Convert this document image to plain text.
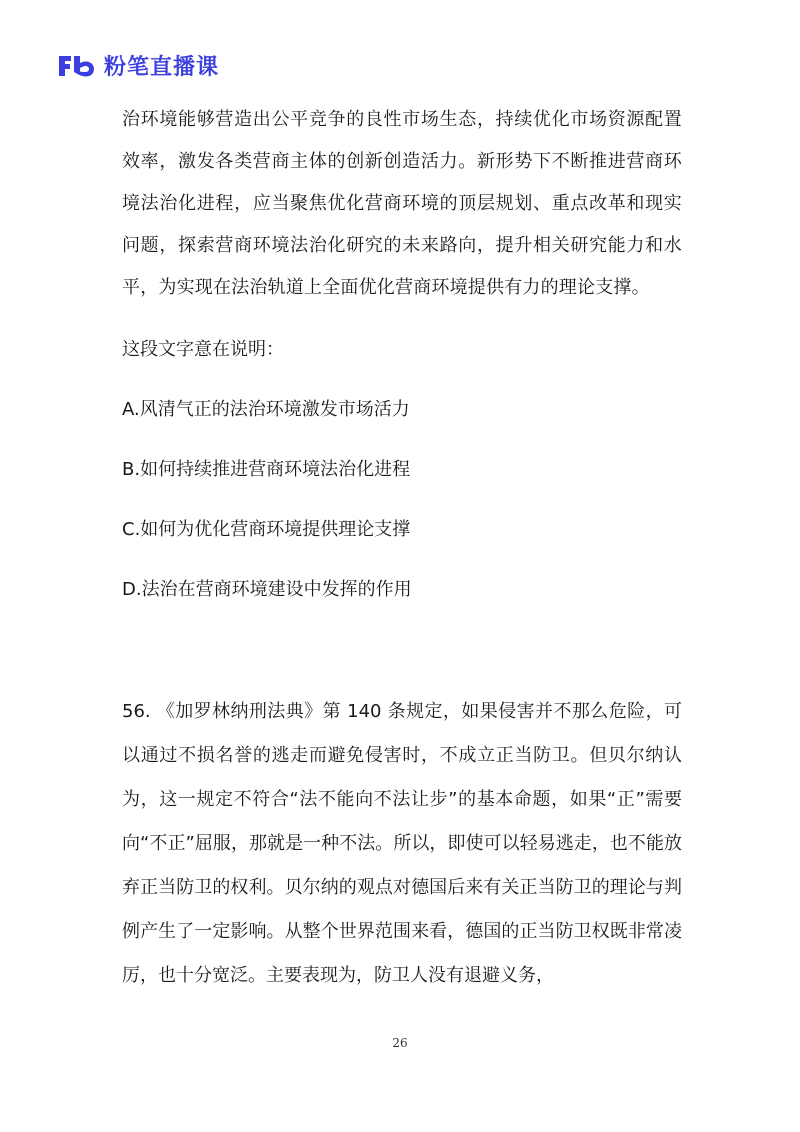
粉笔直播课

治环境能够营造出公平竞争的良性市场生态，持续优化市场资源配置效率，激发各类营商主体的创新创造活力。新形势下不断推进营商环境法治化进程，应当聚焦优化营商环境的顶层规划、重点改革和现实问题，探索营商环境法治化研究的未来路向，提升相关研究能力和水平，为实现在法治轨道上全面优化营商环境提供有力的理论支撑。

这段文字意在说明：
A.风清气正的法治环境激发市场活力
B.如何持续推进营商环境法治化进程
C.如何为优化营商环境提供理论支撑
D.法治在营商环境建设中发挥的作用

56. 《加罗林纳刑法典》第 140 条规定，如果侵害并不那么危险，可以通过不损名誉的逃走而避免侵害时，不成立正当防卫。但贝尔纳认为，这一规定不符合“法不能向不法让步”的基本命题，如果“正”需要向“不正”屈服，那就是一种不法。所以，即使可以轻易逃走，也不能放弃正当防卫的权利。贝尔纳的观点对德国后来有关正当防卫的理论与判例产生了一定影响。从整个世界范围来看，德国的正当防卫权既非常凌厉，也十分宽泛。主要表现为，防卫人没有退避义务，

26
